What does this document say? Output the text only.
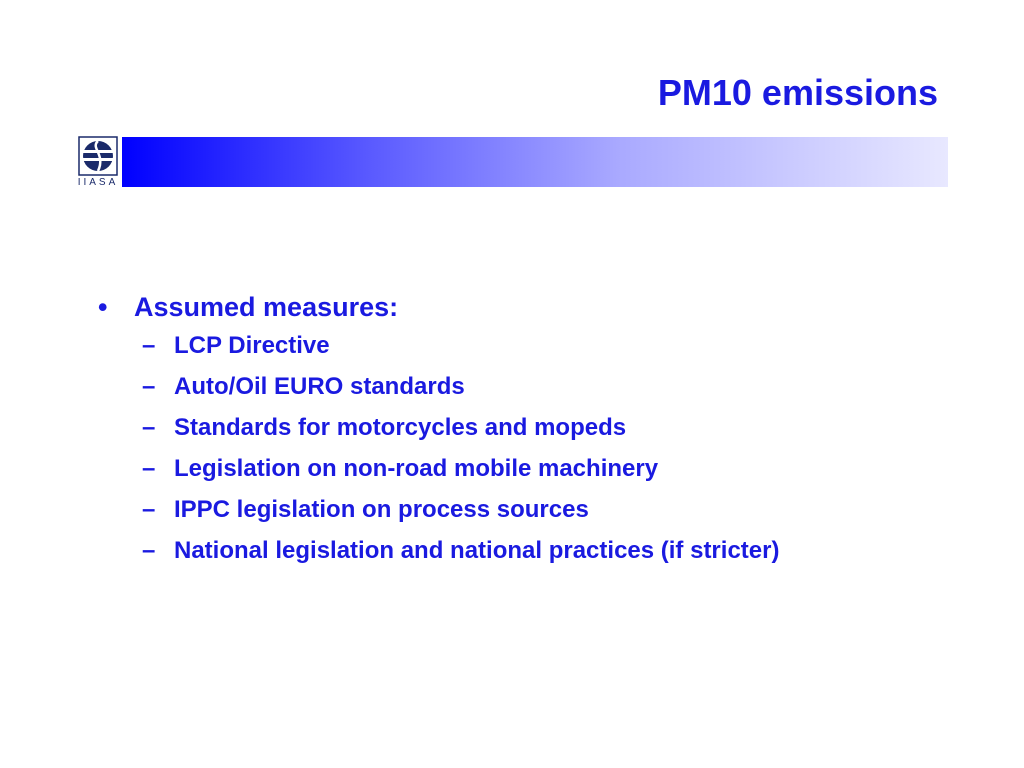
PM10 emissions
IIASA
• Assumed measures:
– LCP Directive
– Auto/Oil EURO standards
– Standards for motorcycles and mopeds
– Legislation on non-road mobile machinery
– IPPC legislation on process sources
– National legislation and national practices (if stricter)
